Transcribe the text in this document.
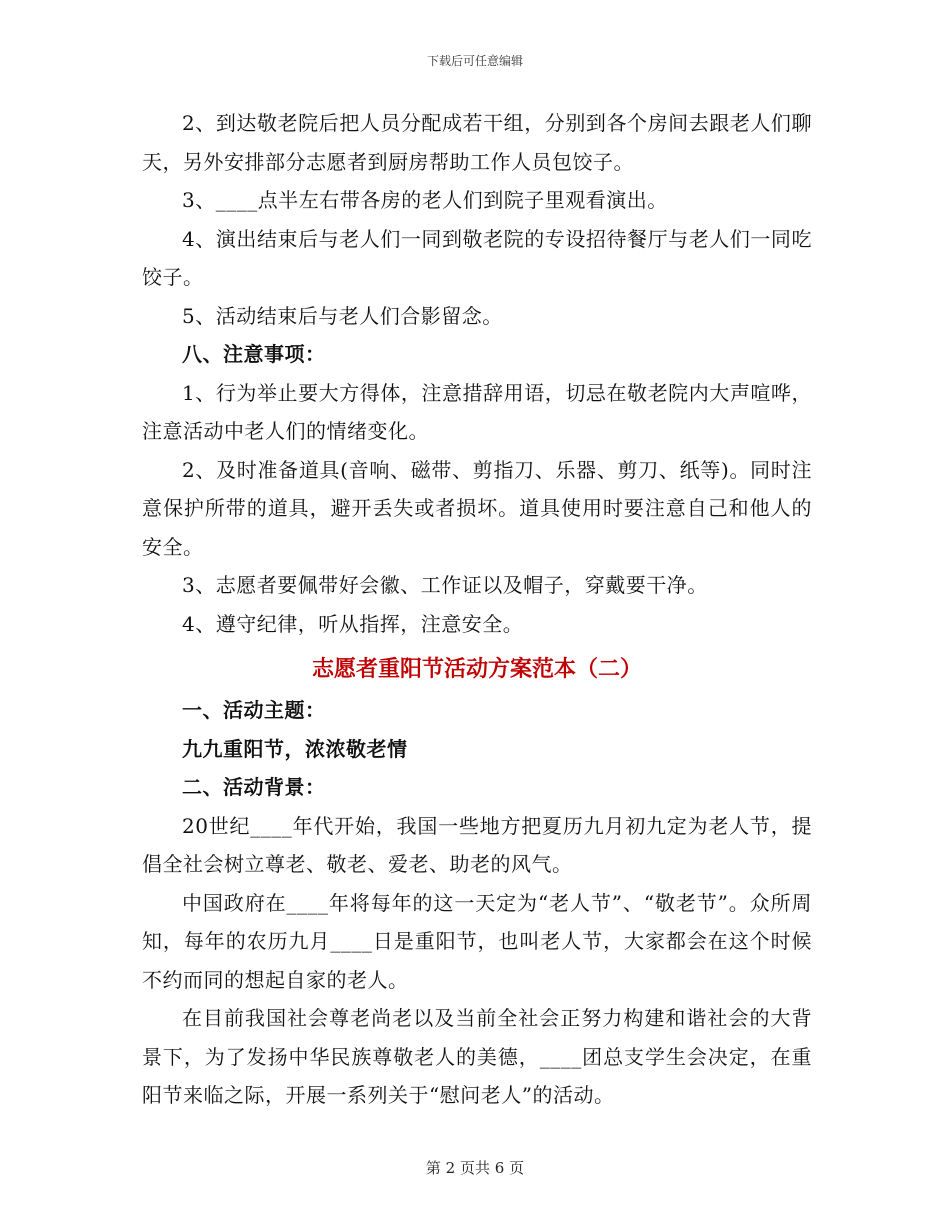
下载后可任意编辑

2、到达敬老院后把人员分配成若干组，分别到各个房间去跟老人们聊天，另外安排部分志愿者到厨房帮助工作人员包饺子。

3、____点半左右带各房的老人们到院子里观看演出。

4、演出结束后与老人们一同到敬老院的专设招待餐厅与老人们一同吃饺子。

5、活动结束后与老人们合影留念。

八、注意事项：

1、行为举止要大方得体，注意措辞用语，切忌在敬老院内大声喧哗，注意活动中老人们的情绪变化。

2、及时准备道具(音响、磁带、剪指刀、乐器、剪刀、纸等)。同时注意保护所带的道具，避开丢失或者损坏。道具使用时要注意自己和他人的安全。

3、志愿者要佩带好会徽、工作证以及帽子，穿戴要干净。

4、遵守纪律，听从指挥，注意安全。

志愿者重阳节活动方案范本（二）

一、活动主题：

九九重阳节，浓浓敬老情

二、活动背景：

20世纪____年代开始，我国一些地方把夏历九月初九定为老人节，提倡全社会树立尊老、敬老、爱老、助老的风气。

中国政府在____年将每年的这一天定为“老人节”、“敬老节”。众所周知，每年的农历九月____日是重阳节，也叫老人节，大家都会在这个时候不约而同的想起自家的老人。

在目前我国社会尊老尚老以及当前全社会正努力构建和谐社会的大背景下，为了发扬中华民族尊敬老人的美德，____团总支学生会决定，在重阳节来临之际，开展一系列关于“慰问老人”的活动。

第 2 页共 6 页
